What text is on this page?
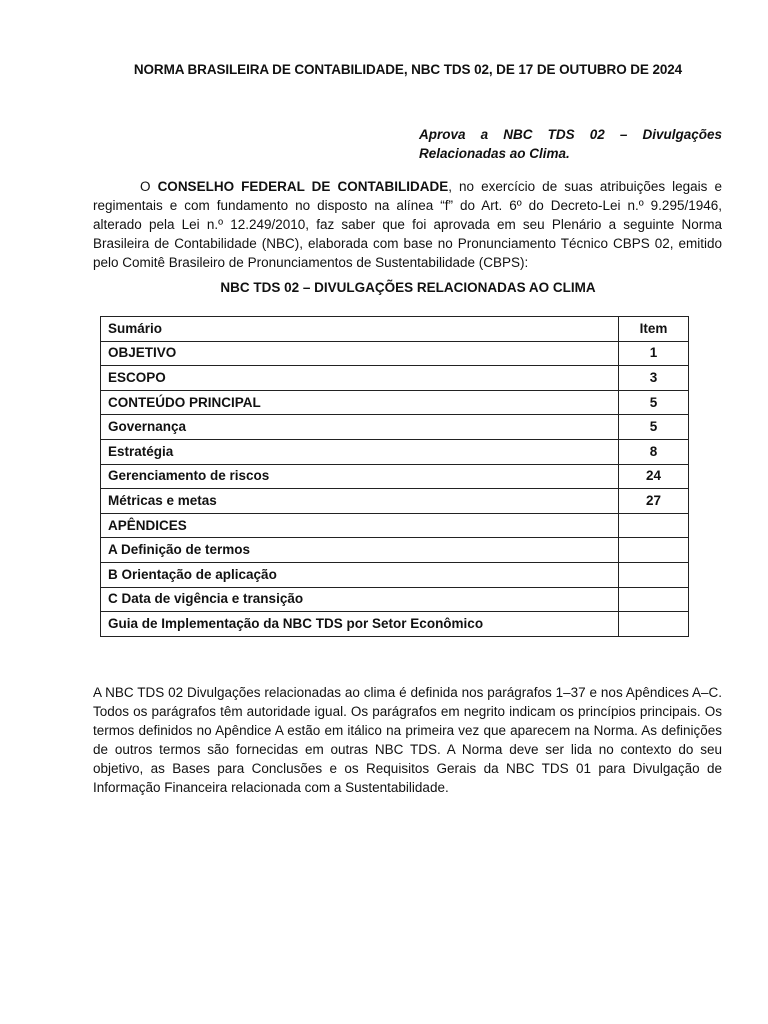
NORMA BRASILEIRA DE CONTABILIDADE, NBC TDS 02, DE 17 DE OUTUBRO DE 2024
Aprova a NBC TDS 02 – Divulgações Relacionadas ao Clima.

O CONSELHO FEDERAL DE CONTABILIDADE, no exercício de suas atribuições legais e regimentais e com fundamento no disposto na alínea “f” do Art. 6º do Decreto-Lei n.º 9.295/1946, alterado pela Lei n.º 12.249/2010, faz saber que foi aprovada em seu Plenário a seguinte Norma Brasileira de Contabilidade (NBC), elaborada com base no Pronunciamento Técnico CBPS 02, emitido pelo Comitê Brasileiro de Pronunciamentos de Sustentabilidade (CBPS):

NBC TDS 02 – DIVULGAÇÕES RELACIONADAS AO CLIMA
Sumário	Item
OBJETIVO	1
ESCOPO	3
CONTEÚDO PRINCIPAL	5
Governança	5
Estratégia	8
Gerenciamento de riscos	24
Métricas e metas	27
APÊNDICES	
A Definição de termos	
B Orientação de aplicação	
C Data de vigência e transição	
Guia de Implementação da NBC TDS por Setor Econômico	

A NBC TDS 02 Divulgações relacionadas ao clima é definida nos parágrafos 1–37 e nos Apêndices A–C. Todos os parágrafos têm autoridade igual. Os parágrafos em negrito indicam os princípios principais. Os termos definidos no Apêndice A estão em itálico na primeira vez que aparecem na Norma. As definições de outros termos são fornecidas em outras NBC TDS. A Norma deve ser lida no contexto do seu objetivo, as Bases para Conclusões e os Requisitos Gerais da NBC TDS 01 para Divulgação de Informação Financeira relacionada com a Sustentabilidade.
